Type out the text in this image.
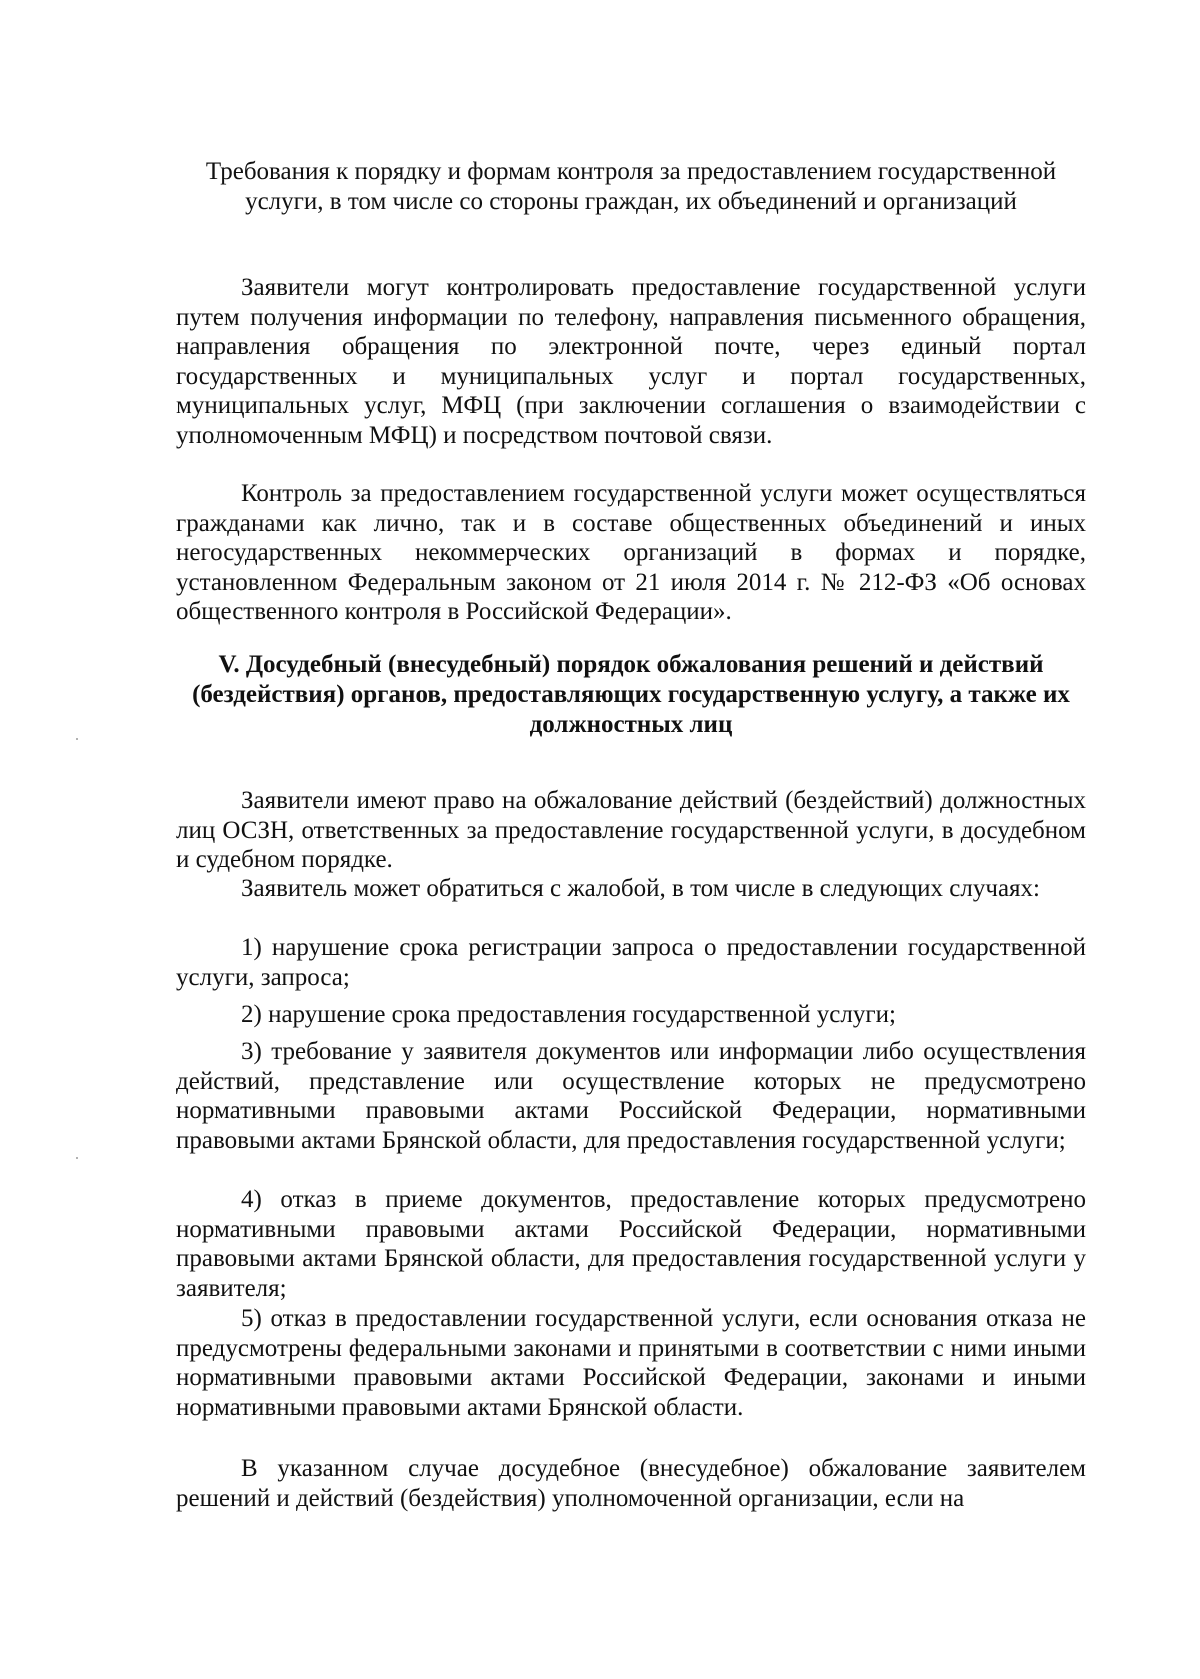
Требования к порядку и формам контроля за предоставлением государственной услуги, в том числе со стороны граждан, их объединений и организаций

Заявители могут контролировать предоставление государственной услуги путем получения информации по телефону, направления письменного обращения, направления обращения по электронной почте, через единый портал государственных и муниципальных услуг и портал государственных, муниципальных услуг, МФЦ (при заключении соглашения о взаимодействии с уполномоченным МФЦ) и посредством почтовой связи.

Контроль за предоставлением государственной услуги может осуществляться гражданами как лично, так и в составе общественных объединений и иных негосударственных некоммерческих организаций в формах и порядке, установленном Федеральным законом от 21 июля 2014 г. № 212-ФЗ «Об основах общественного контроля в Российской Федерации».

V. Досудебный (внесудебный) порядок обжалования решений и действий (бездействия) органов, предоставляющих государственную услугу, а также их должностных лиц

Заявители имеют право на обжалование действий (бездействий) должностных лиц ОСЗН, ответственных за предоставление государственной услуги, в досудебном и судебном порядке.

Заявитель может обратиться с жалобой, в том числе в следующих случаях:

1) нарушение срока регистрации запроса о предоставлении государственной услуги, запроса;

2) нарушение срока предоставления государственной услуги;

3) требование у заявителя документов или информации либо осуществления действий, представление или осуществление которых не предусмотрено нормативными правовыми актами Российской Федерации, нормативными правовыми актами Брянской области, для предоставления государственной услуги;

4) отказ в приеме документов, предоставление которых предусмотрено нормативными правовыми актами Российской Федерации, нормативными правовыми актами Брянской области, для предоставления государственной услуги у заявителя;

5) отказ в предоставлении государственной услуги, если основания отказа не предусмотрены федеральными законами и принятыми в соответствии с ними иными нормативными правовыми актами Российской Федерации, законами и иными нормативными правовыми актами Брянской области.

В указанном случае досудебное (внесудебное) обжалование заявителем решений и действий (бездействия) уполномоченной организации, если на
